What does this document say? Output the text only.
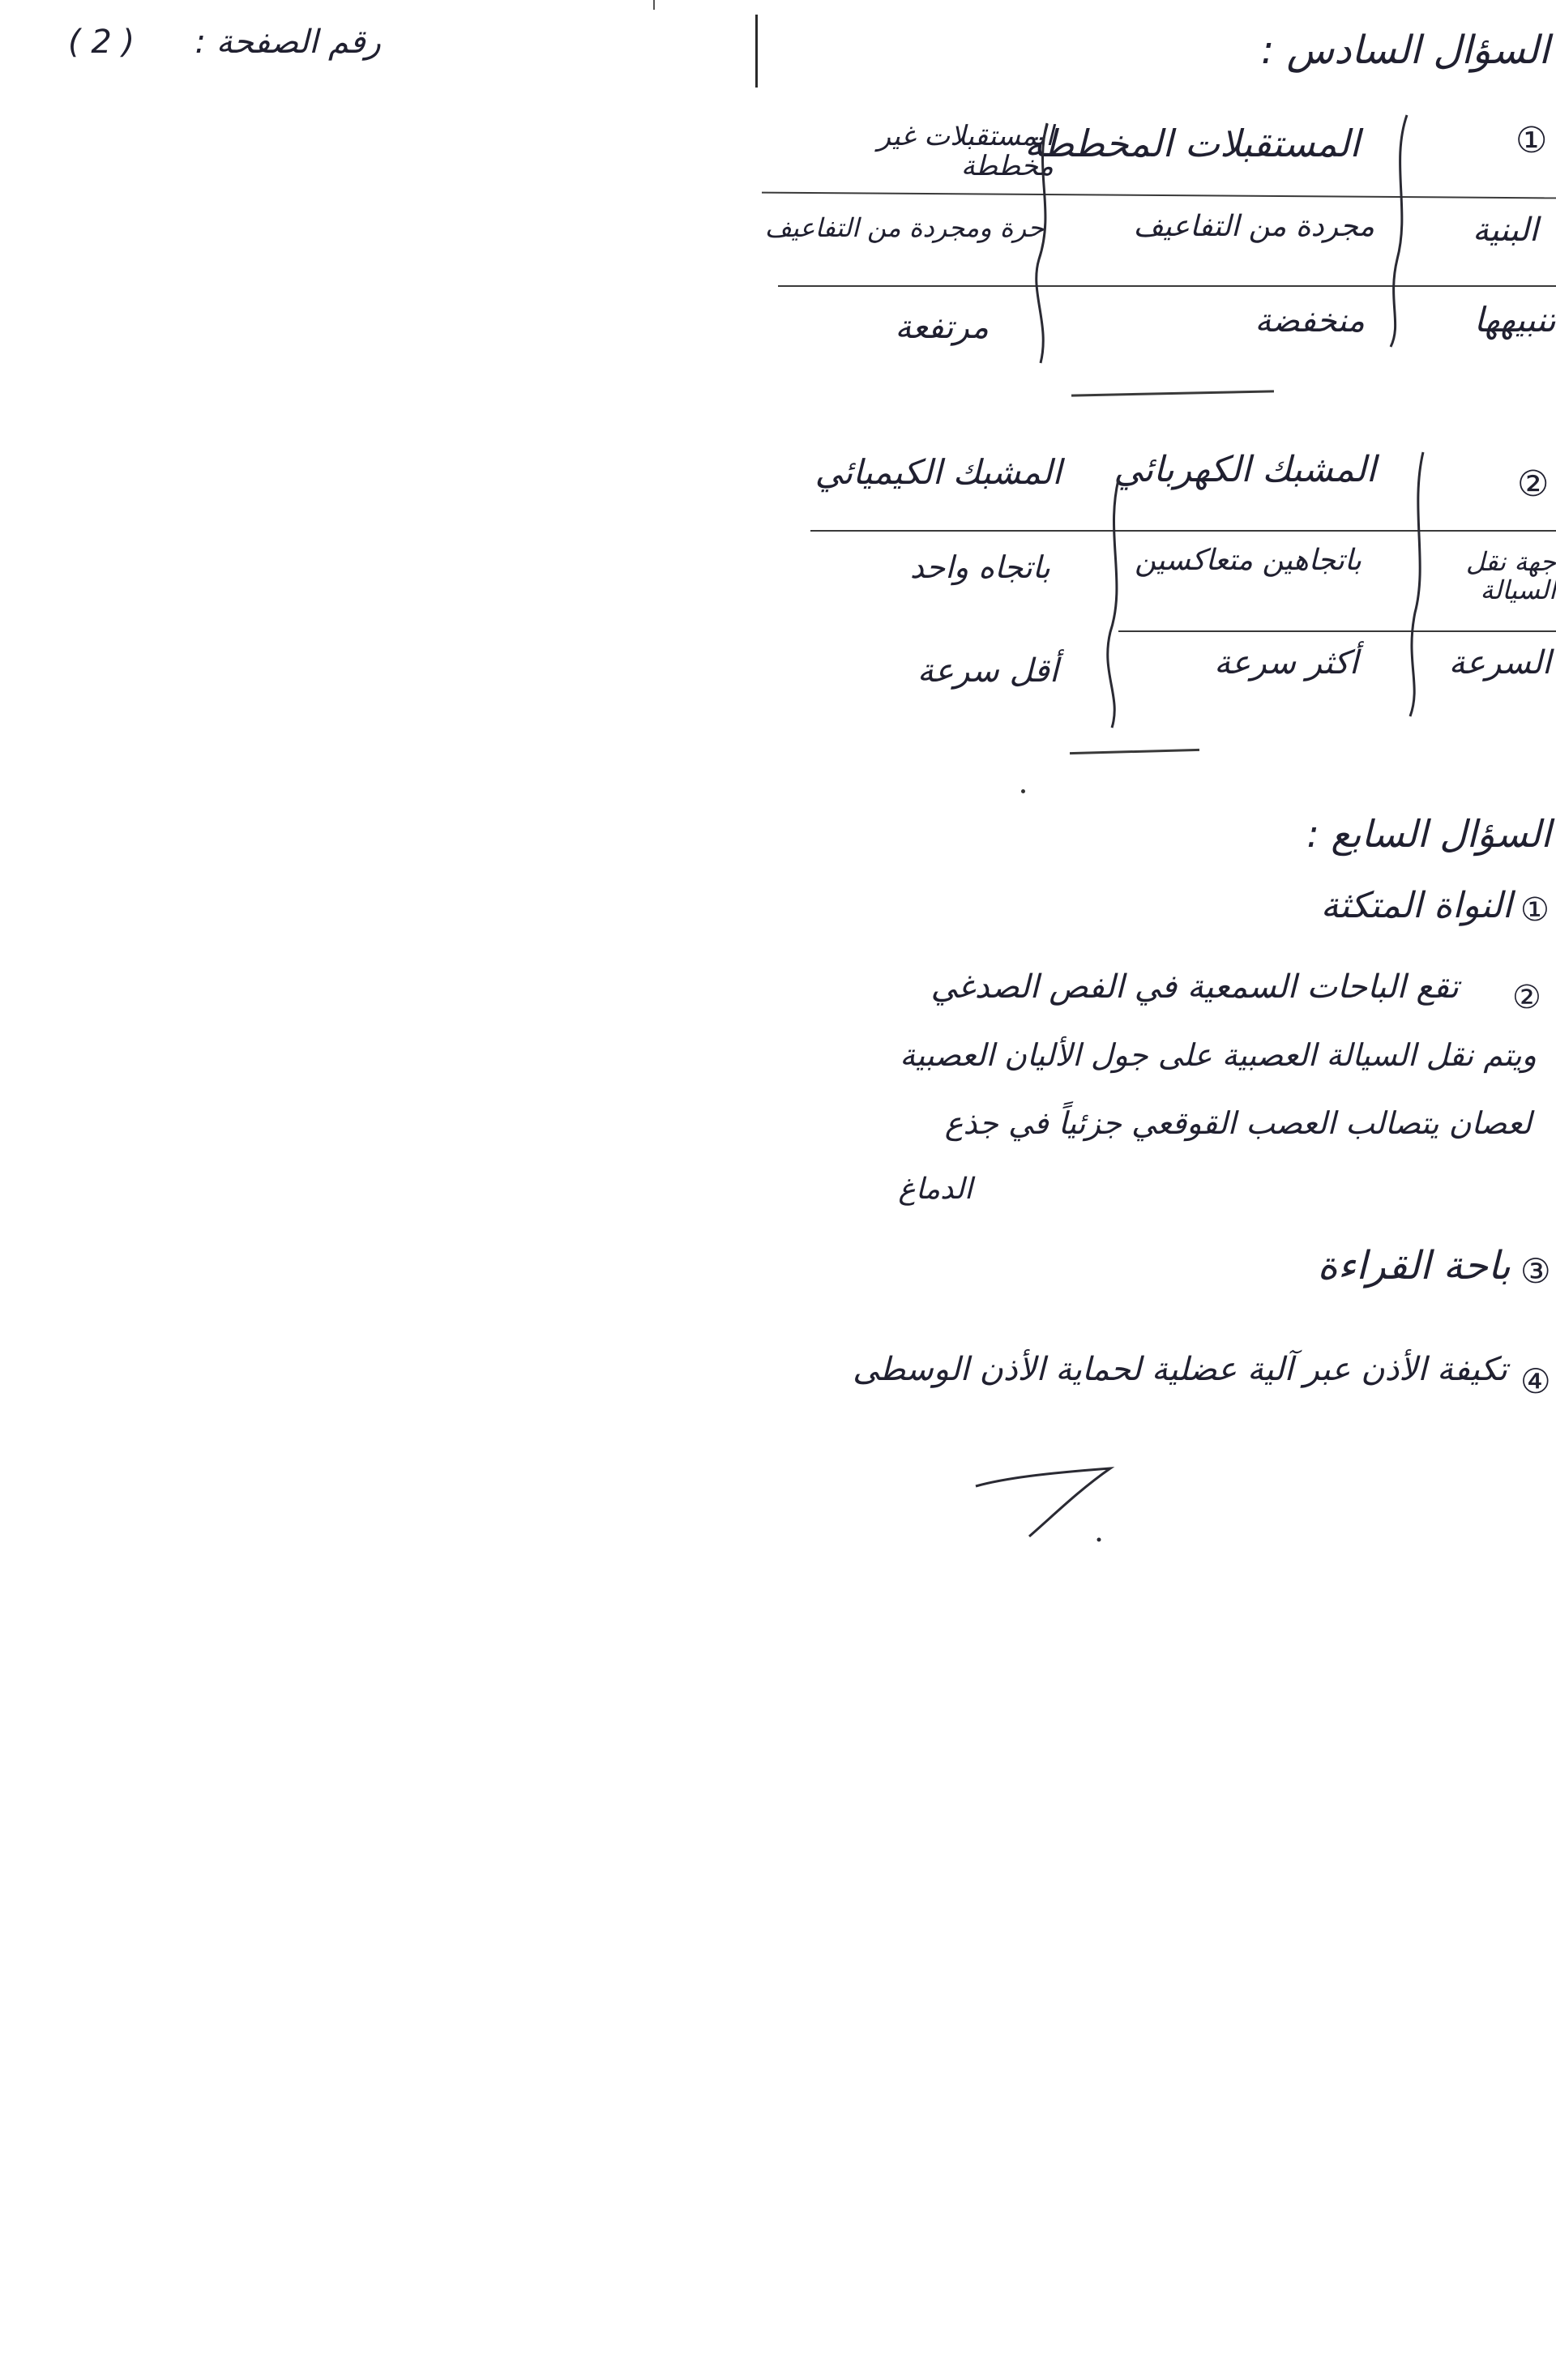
رقم الصفحة :
( 2 )	السؤال السادس :
①
المستقبلات المخططة
المستقبلات غير مخططة
البنية
مجردة من التفاعيف
حرة ومجردة من التفاعيف
تنبيهها
منخفضة
مرتفعة
②
المشبك الكهربائي
المشبك الكيميائي
جهة نقل السيالة
باتجاهين متعاكسين
باتجاه واحد
السرعة
أكثر سرعة
أقل سرعة
السؤال السابع :
①
النواة المتكثة
②
تقع الباحات السمعية في الفص الصدغي
ويتم نقل السيالة العصبية على جول الأليان العصبية
لعصان يتصالب العصب القوقعي جزئياً في جذع
الدماغ
③
باحة القراءة
④
تكيفة الأذن عبر آلية عضلية لحماية الأذن الوسطى
